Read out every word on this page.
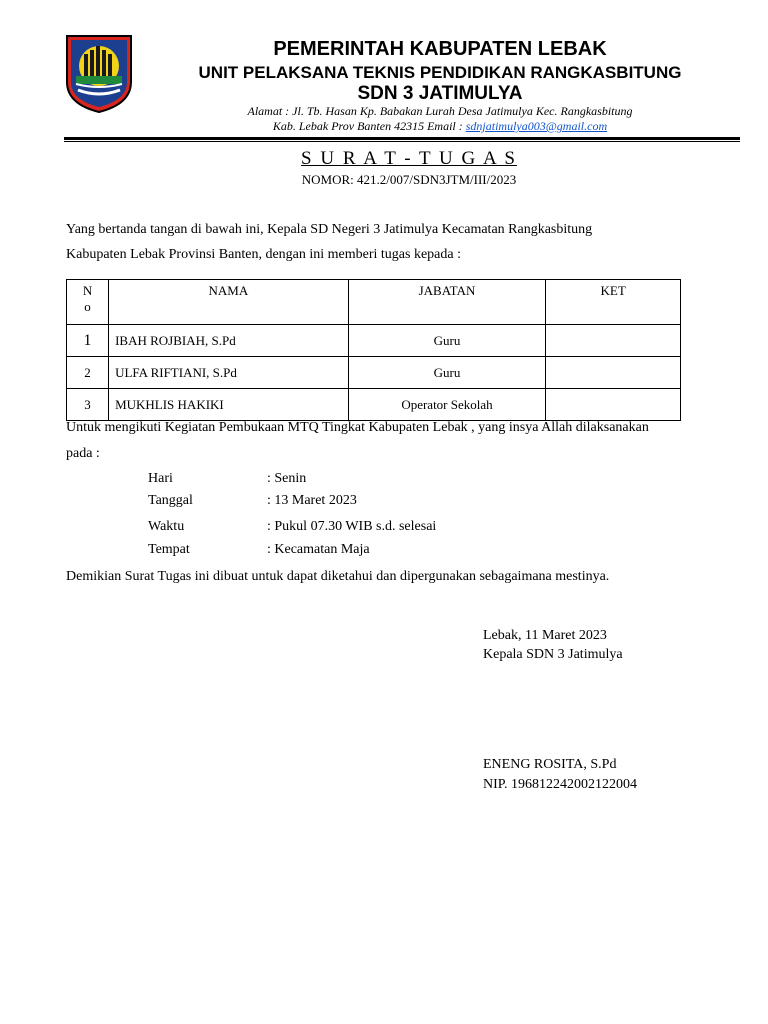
PEMERINTAH KABUPATEN LEBAK
UNIT PELAKSANA TEKNIS PENDIDIKAN RANGKASBITUNG
SDN 3 JATIMULYA
Alamat : Jl. Tb. Hasan Kp. Babakan Lurah Desa Jatimulya Kec. Rangkasbitung
Kab. Lebak Prov Banten 42315 Email : sdnjatimulya003@gmail.com
S U R A T - T U G A S
NOMOR: 421.2/007/SDN3JTM/III/2023
Yang bertanda tangan di bawah ini, Kepala SD Negeri 3 Jatimulya Kecamatan Rangkasbitung
Kabupaten Lebak Provinsi Banten, dengan ini memberi tugas kepada :
N
o	NAMA	JABATAN	KET
1	IBAH ROJBIAH, S.Pd	Guru	
2	ULFA RIFTIANI, S.Pd	Guru	
3	MUKHLIS HAKIKI	Operator Sekolah	
Untuk mengikuti Kegiatan Pembukaan MTQ Tingkat Kabupaten Lebak , yang insya Allah dilaksanakan
pada :
Hari	: Senin
Tanggal	: 13 Maret 2023
Waktu	: Pukul 07.30 WIB s.d. selesai
Tempat	: Kecamatan Maja
Demikian Surat Tugas ini dibuat untuk dapat diketahui dan dipergunakan sebagaimana mestinya.
Lebak, 11 Maret 2023
Kepala SDN 3 Jatimulya
ENENG ROSITA, S.Pd
NIP. 196812242002122004
